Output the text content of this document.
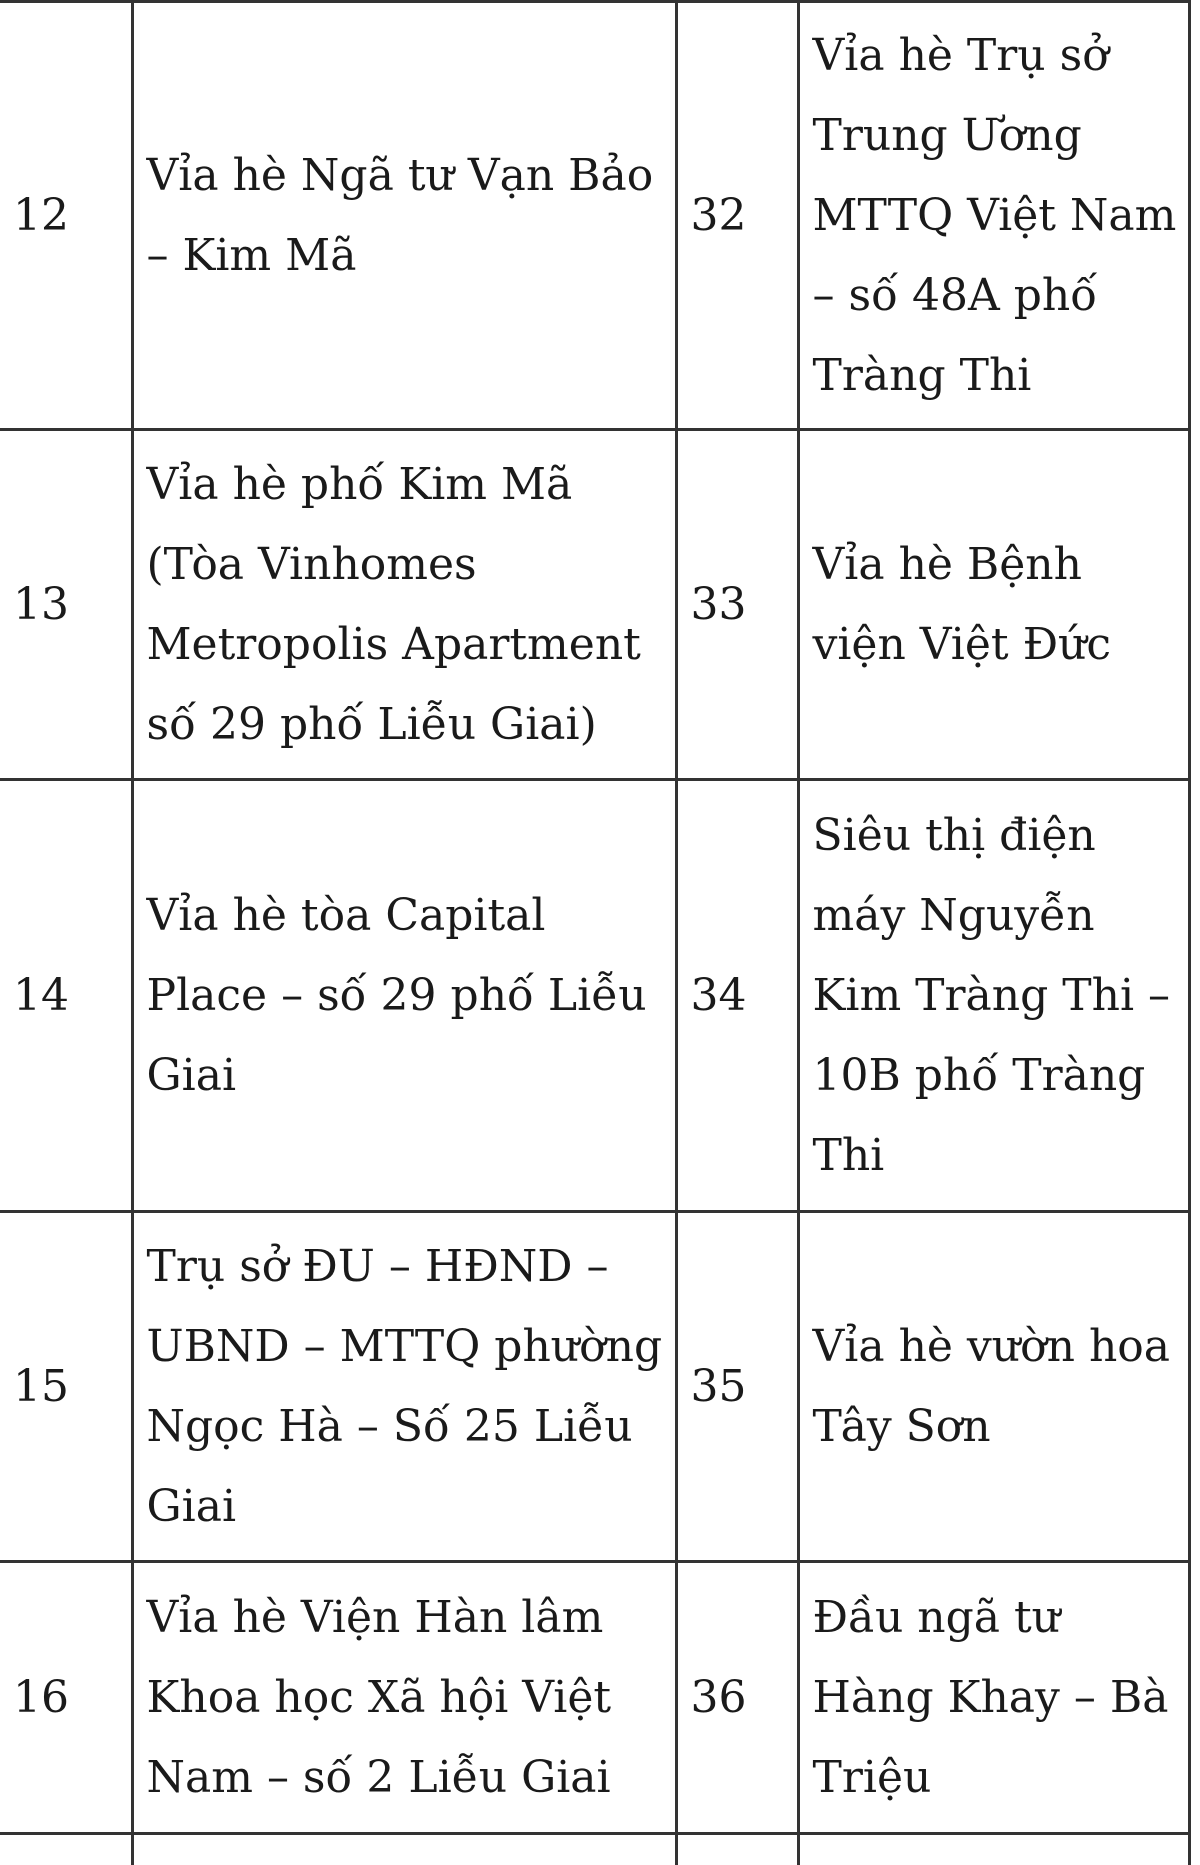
12	Vỉa hè Ngã tư Vạn Bảo – Kim Mã	32	Vỉa hè Trụ sở Trung Ương MTTQ Việt Nam – số 48A phố Tràng Thi
13	Vỉa hè phố Kim Mã (Tòa Vinhomes Metropolis Apartment số 29 phố Liễu Giai)	33	Vỉa hè Bệnh viện Việt Đức
14	Vỉa hè tòa Capital Place – số 29 phố Liễu Giai	34	Siêu thị điện máy Nguyễn Kim Tràng Thi – 10B phố Tràng Thi
15	Trụ sở ĐU – HĐND – UBND – MTTQ phường Ngọc Hà – Số 25 Liễu Giai	35	Vỉa hè vườn hoa Tây Sơn
16	Vỉa hè Viện Hàn lâm Khoa học Xã hội Việt Nam – số 2 Liễu Giai	36	Đầu ngã tư Hàng Khay – Bà Triệu
